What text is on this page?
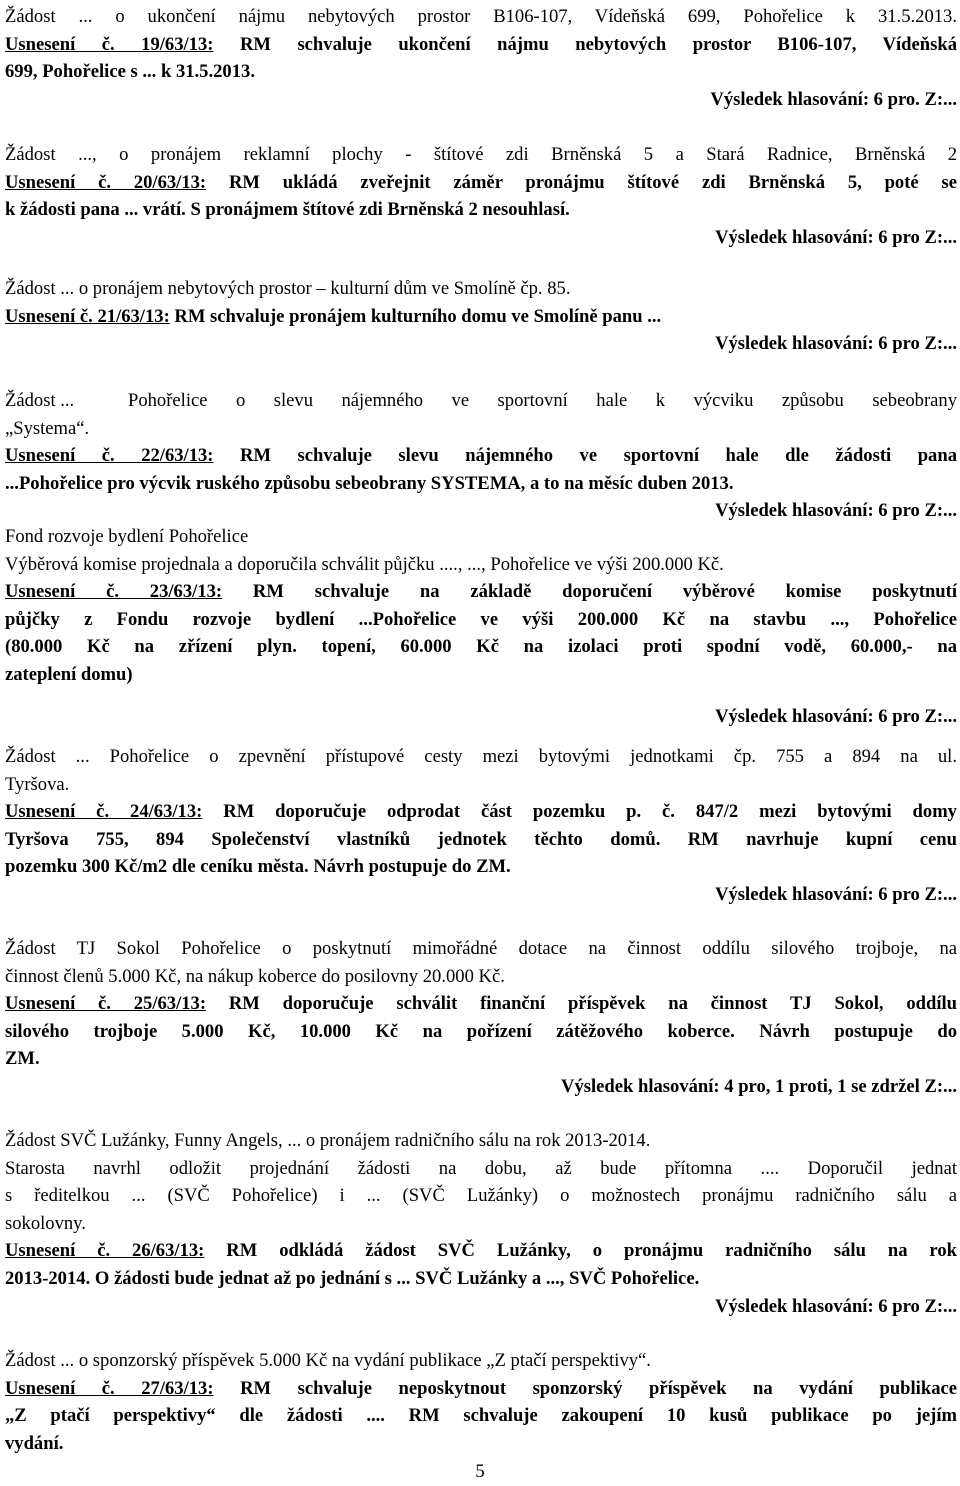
Žádost ... o ukončení nájmu nebytových prostor B106-107, Vídeňská 699, Pohořelice k 31.5.2013.
Usnesení č. 19/63/13: RM schvaluje ukončení nájmu nebytových prostor B106-107, Vídeňská
699, Pohořelice s ... k 31.5.2013.
Výsledek hlasování: 6 pro. Z:...
Žádost ..., o pronájem reklamní plochy - štítové zdi Brněnská 5 a Stará Radnice, Brněnská 2
Usnesení č. 20/63/13: RM ukládá zveřejnit záměr pronájmu štítové zdi Brněnská 5, poté se
k žádosti pana ... vrátí. S pronájmem štítové zdi Brněnská 2 nesouhlasí.
Výsledek hlasování: 6 pro Z:...
Žádost ... o pronájem nebytových prostor – kulturní dům ve Smolíně čp. 85.
Usnesení č. 21/63/13: RM schvaluje pronájem kulturního domu ve Smolíně panu ...
Výsledek hlasování: 6 pro Z:...
Žádost ...	Pohořelice o slevu nájemného ve sportovní hale k výcviku způsobu sebeobrany
„Systema“.
Usnesení č. 22/63/13: RM schvaluje slevu nájemného ve sportovní hale dle žádosti pana
...Pohořelice pro výcvik ruského způsobu sebeobrany SYSTEMA, a to na měsíc duben 2013.
Výsledek hlasování: 6 pro Z:...
Fond rozvoje bydlení Pohořelice
Výběrová komise projednala a doporučila schválit půjčku ...., ..., Pohořelice ve výši 200.000 Kč.
Usnesení č. 23/63/13: RM schvaluje na základě doporučení výběrové komise poskytnutí
půjčky z Fondu rozvoje bydlení ...Pohořelice ve výši 200.000 Kč na stavbu ..., Pohořelice
(80.000 Kč na zřízení plyn. topení, 60.000 Kč na izolaci proti spodní vodě, 60.000,- na
zateplení domu)
Výsledek hlasování: 6 pro Z:...
Žádost ... Pohořelice o zpevnění přístupové cesty mezi bytovými jednotkami čp. 755 a 894 na ul.
Tyršova.
Usnesení č. 24/63/13: RM doporučuje odprodat část pozemku p. č. 847/2 mezi bytovými domy
Tyršova 755, 894 Společenství vlastníků jednotek těchto domů. RM navrhuje kupní cenu
pozemku 300 Kč/m2 dle ceníku města. Návrh postupuje do ZM.
Výsledek hlasování: 6 pro Z:...
Žádost TJ Sokol Pohořelice o poskytnutí mimořádné dotace na činnost oddílu silového trojboje, na
činnost členů 5.000 Kč, na nákup koberce do posilovny 20.000 Kč.
Usnesení č. 25/63/13: RM doporučuje schválit finanční příspěvek na činnost TJ Sokol, oddílu
silového trojboje 5.000 Kč, 10.000 Kč na pořízení zátěžového koberce. Návrh postupuje do
ZM.
Výsledek hlasování: 4 pro, 1 proti, 1 se zdržel Z:...
Žádost SVČ Lužánky, Funny Angels, ... o pronájem radničního sálu na rok 2013-2014.
Starosta navrhl odložit projednání žádosti na dobu, až bude přítomna .... Doporučil jednat
s ředitelkou ... (SVČ Pohořelice) i ... (SVČ Lužánky) o možnostech pronájmu radničního sálu a
sokolovny.
Usnesení č. 26/63/13: RM odkládá žádost SVČ Lužánky, o pronájmu radničního sálu na rok
2013-2014. O žádosti bude jednat až po jednání s ... SVČ Lužánky a ..., SVČ Pohořelice.
Výsledek hlasování: 6 pro Z:...
Žádost ... o sponzorský příspěvek 5.000 Kč na vydání publikace „Z ptačí perspektivy“.
Usnesení č. 27/63/13: RM schvaluje neposkytnout sponzorský příspěvek na vydání publikace
„Z ptačí perspektivy“ dle žádosti .... RM schvaluje zakoupení 10 kusů publikace po jejím
vydání.
5
